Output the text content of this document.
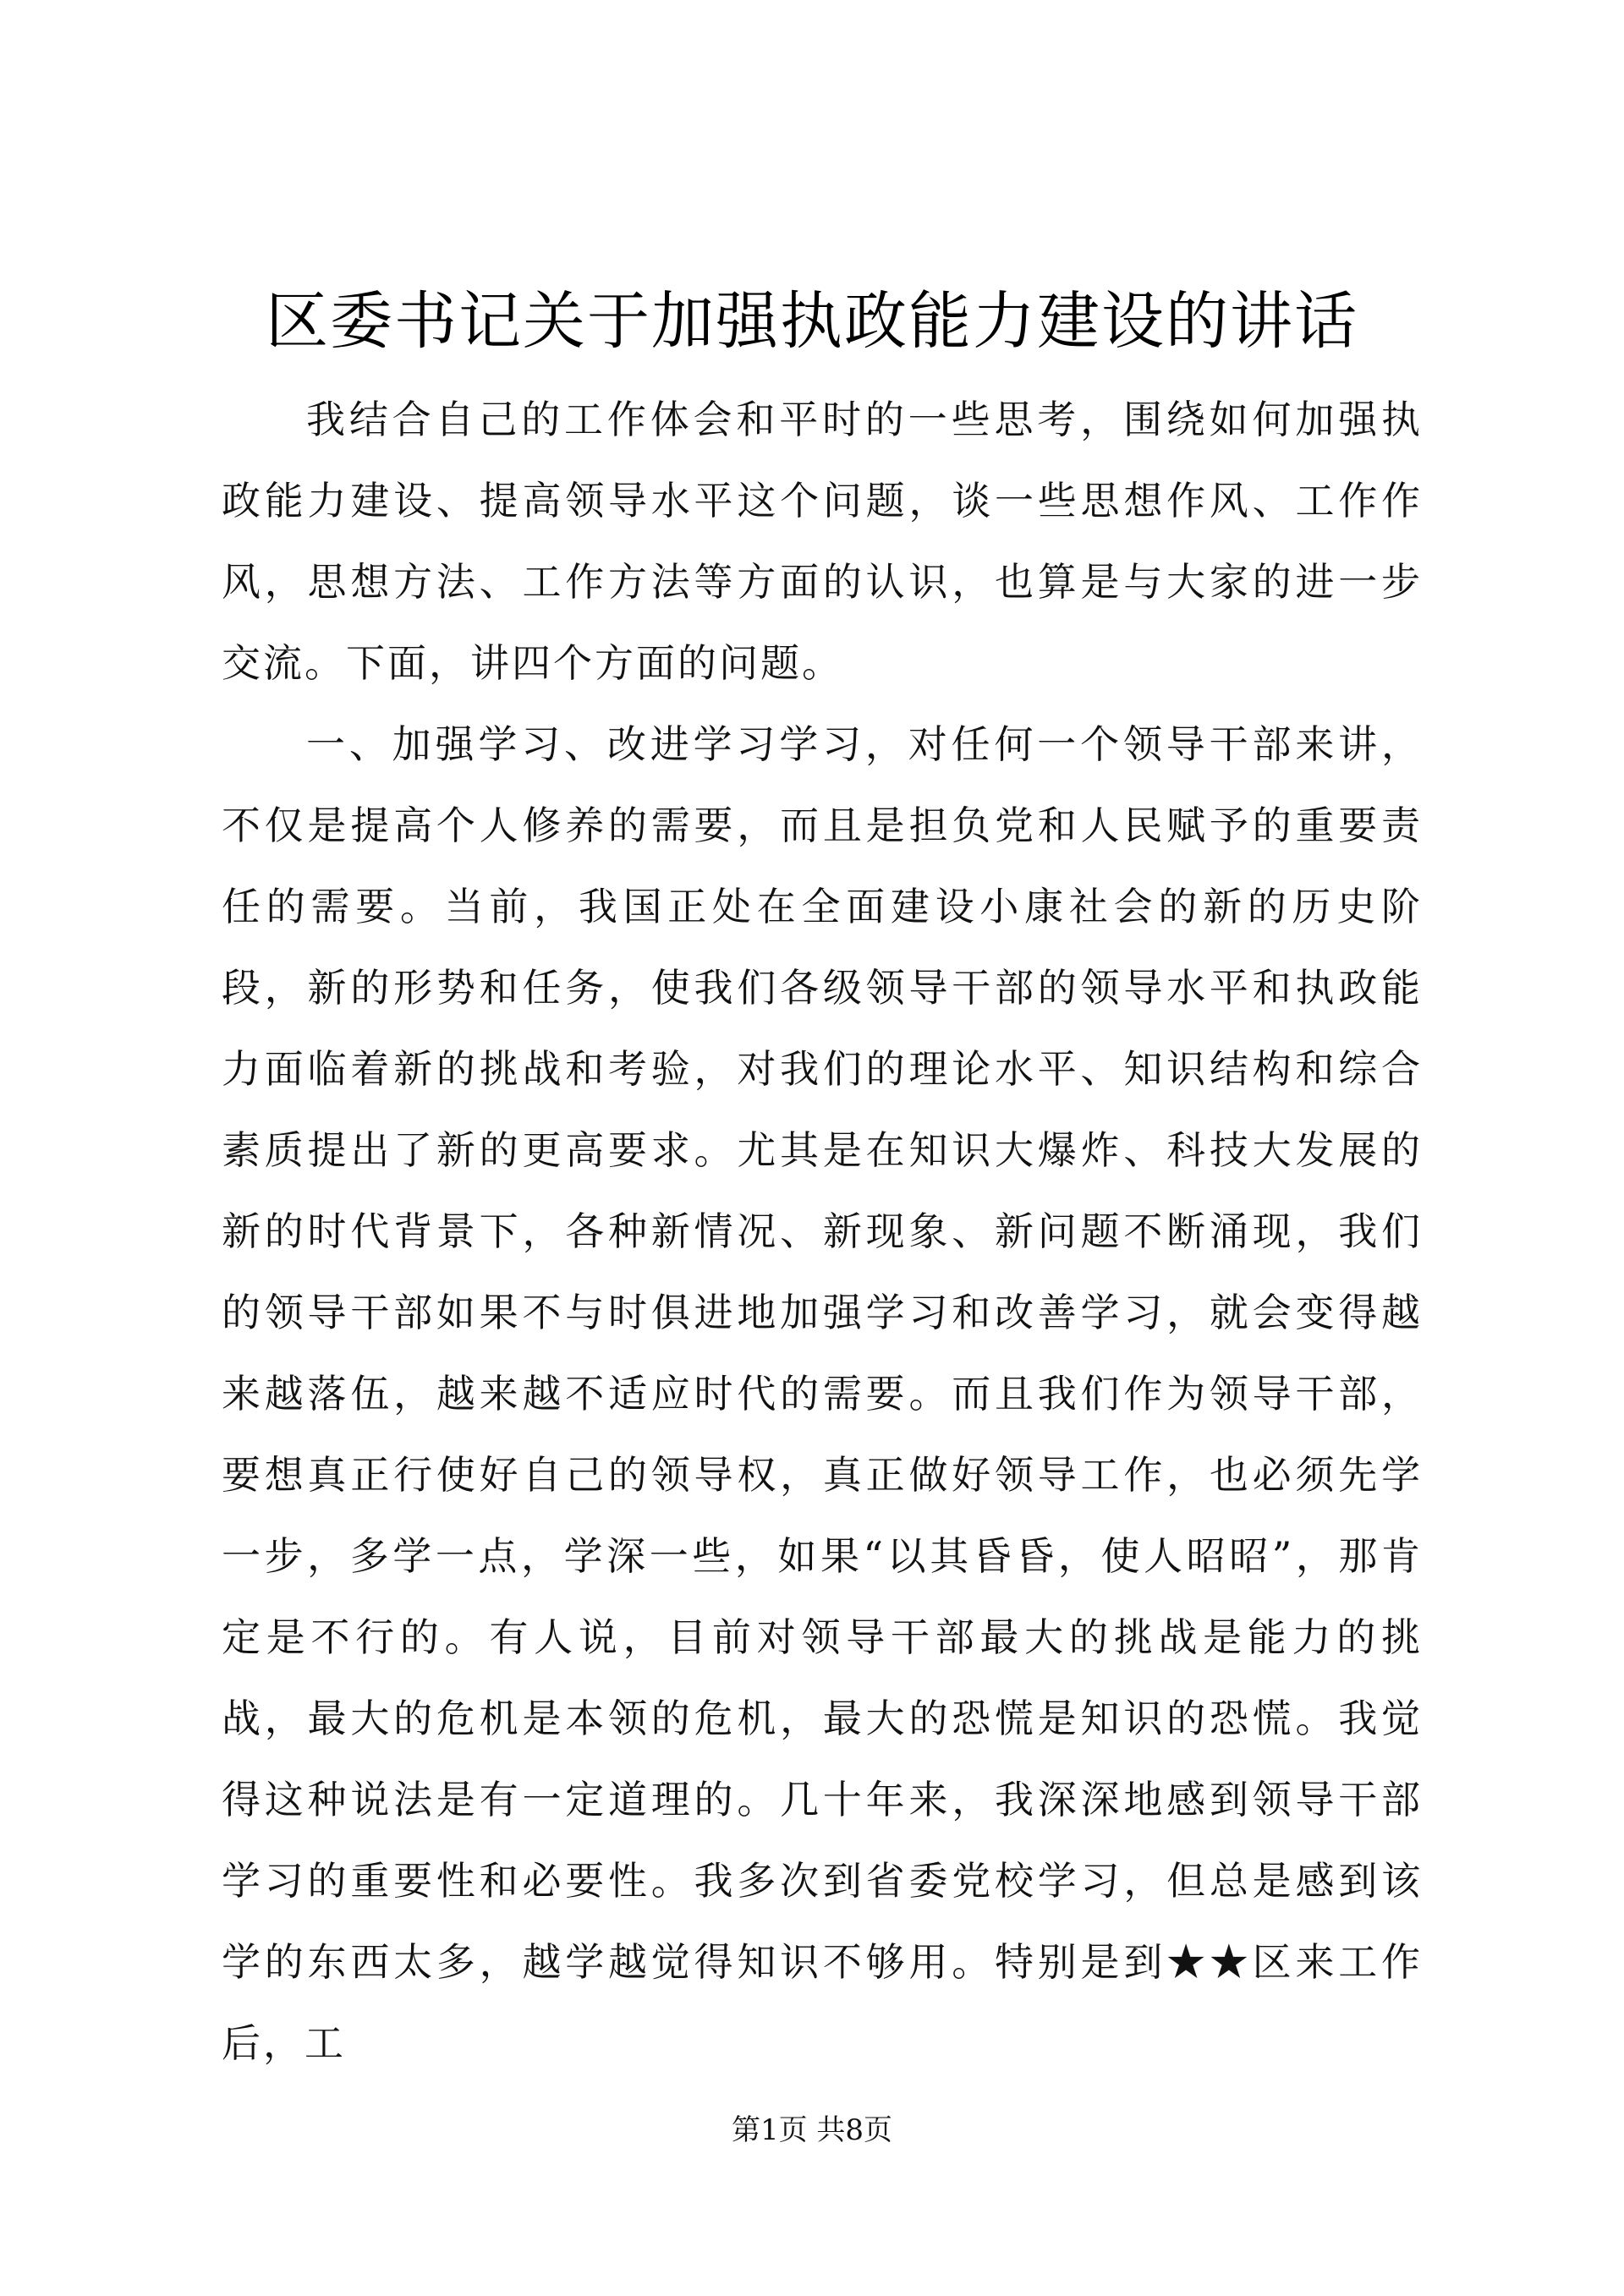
区委书记关于加强执政能力建设的讲话

我结合自己的工作体会和平时的一些思考，围绕如何加强执政能力建设、提高领导水平这个问题，谈一些思想作风、工作作风，思想方法、工作方法等方面的认识，也算是与大家的进一步交流。下面，讲四个方面的问题。

一、加强学习、改进学习学习，对任何一个领导干部来讲，不仅是提高个人修养的需要，而且是担负党和人民赋予的重要责任的需要。当前，我国正处在全面建设小康社会的新的历史阶段，新的形势和任务，使我们各级领导干部的领导水平和执政能力面临着新的挑战和考验，对我们的理论水平、知识结构和综合素质提出了新的更高要求。尤其是在知识大爆炸、科技大发展的新的时代背景下，各种新情况、新现象、新问题不断涌现，我们的领导干部如果不与时俱进地加强学习和改善学习，就会变得越来越落伍，越来越不适应时代的需要。而且我们作为领导干部，要想真正行使好自己的领导权，真正做好领导工作，也必须先学一步，多学一点，学深一些，如果“以其昏昏，使人昭昭”，那肯定是不行的。有人说，目前对领导干部最大的挑战是能力的挑战，最大的危机是本领的危机，最大的恐慌是知识的恐慌。我觉得这种说法是有一定道理的。几十年来，我深深地感到领导干部学习的重要性和必要性。我多次到省委党校学习，但总是感到该学的东西太多，越学越觉得知识不够用。特别是到★★区来工作后，工

第1页 共8页
